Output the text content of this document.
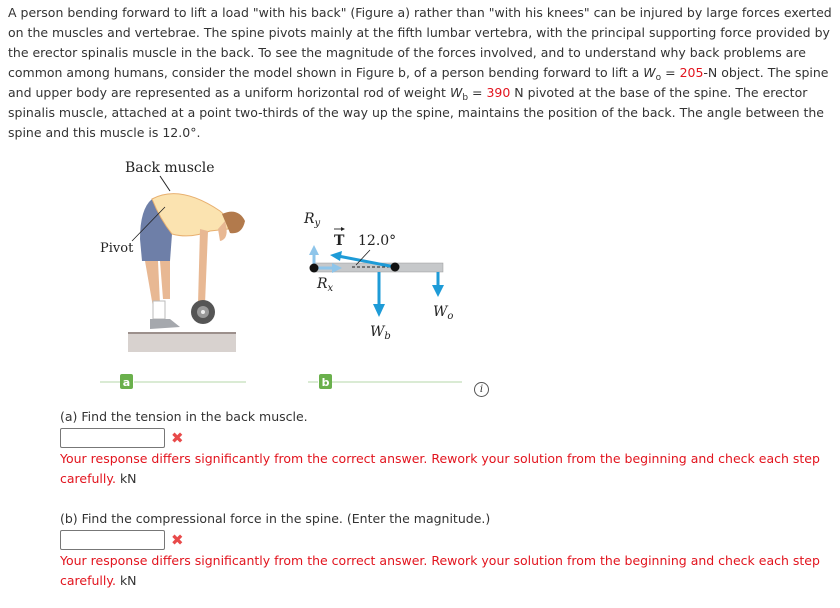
A person bending forward to lift a load "with his back" (Figure a) rather than "with his knees" can be injured by large forces exerted on the muscles and vertebrae. The spine pivots mainly at the fifth lumbar vertebra, with the principal supporting force provided by the erector spinalis muscle in the back. To see the magnitude of the forces involved, and to understand why back problems are common among humans, consider the model shown in Figure b, of a person bending forward to lift a $W_o = 205-N$ object. The spine and upper body are represented as a uniform horizontal rod of weight $W_b = 390$ N pivoted at the base of the spine. The erector spinalis muscle, attached at a point two-thirds of the way up the spine, maintains the position of the back. The angle between the spine and this muscle is 12.0°.
Back muscle
Pivot
a
$R_y$
T 12.0°
$R_x$
$W_b$
$W_o$
b
i
(a) Find the tension in the back muscle.
✖
Your response differs significantly from the correct answer. Rework your solution from the beginning and check each step carefully. kN
(b) Find the compressional force in the spine. (Enter the magnitude.)
✖
Your response differs significantly from the correct answer. Rework your solution from the beginning and check each step carefully. kN
